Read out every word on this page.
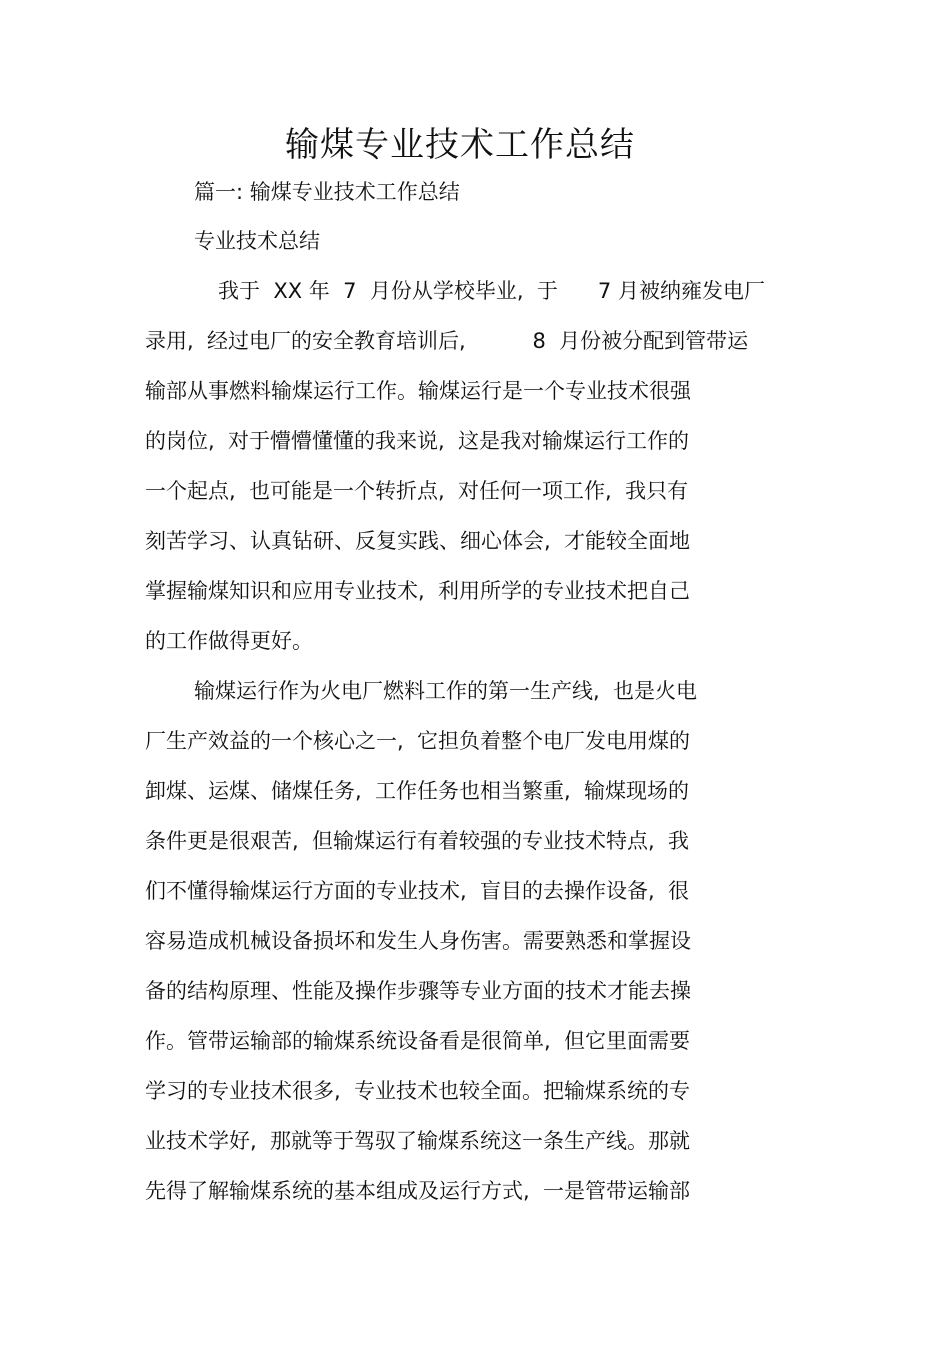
输煤专业技术工作总结
篇一: 输煤专业技术工作总结
专业技术总结
我于  XX 年  7  月份从学校毕业,  于      7 月被纳雍发电厂
录用,  经过电厂的安全教育培训后,          8  月份被分配到管带运
输部从事燃料输煤运行工作。输煤运行是一个专业技术很强
的岗位,  对于懵懵懂懂的我来说,  这是我对输煤运行工作的
一个起点,  也可能是一个转折点,  对任何一项工作,  我只有
刻苦学习、认真钻研、反复实践、细心体会,  才能较全面地
掌握输煤知识和应用专业技术,  利用所学的专业技术把自己
的工作做得更好。
输煤运行作为火电厂燃料工作的第一生产线,  也是火电
厂生产效益的一个核心之一,  它担负着整个电厂发电用煤的
卸煤、运煤、储煤任务,  工作任务也相当繁重,  输煤现场的
条件更是很艰苦,  但输煤运行有着较强的专业技术特点,  我
们不懂得输煤运行方面的专业技术,  盲目的去操作设备,  很
容易造成机械设备损坏和发生人身伤害。需要熟悉和掌握设
备的结构原理、性能及操作步骤等专业方面的技术才能去操
作。管带运输部的输煤系统设备看是很简单,  但它里面需要
学习的专业技术很多,  专业技术也较全面。把输煤系统的专
业技术学好,  那就等于驾驭了输煤系统这一条生产线。那就
先得了解输煤系统的基本组成及运行方式,  一是管带运输部
